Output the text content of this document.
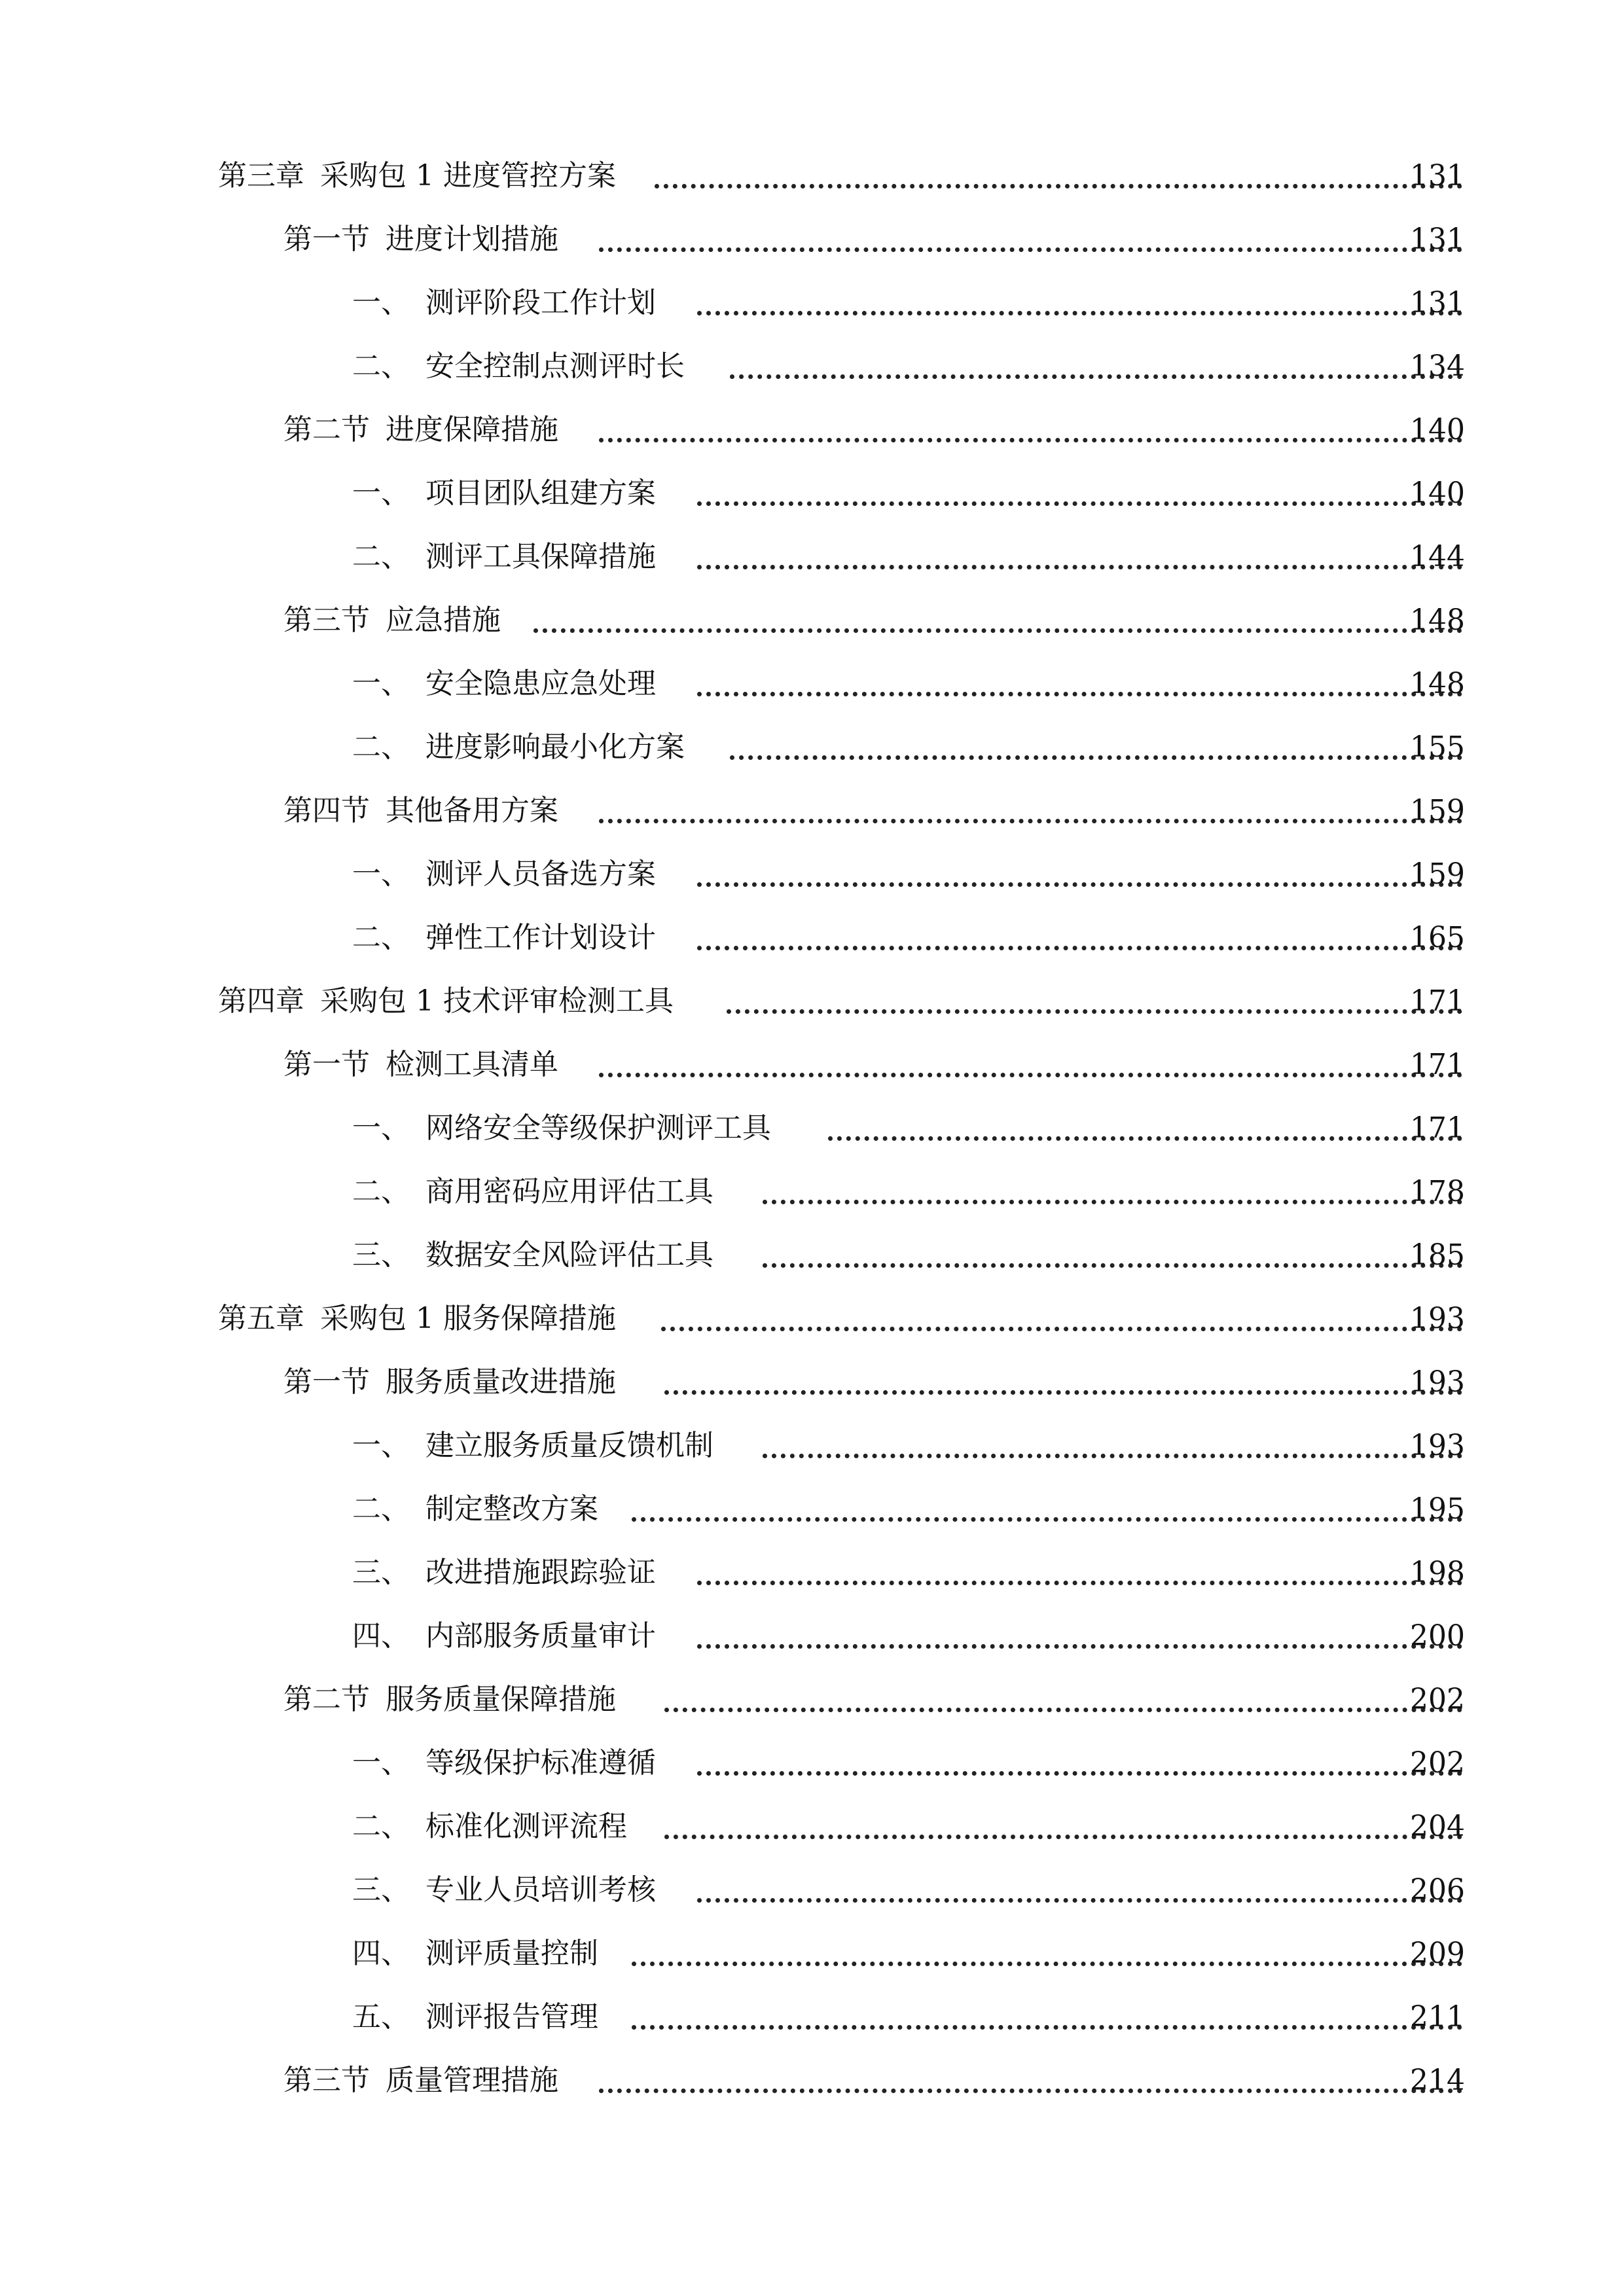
第三章 采购包 1 进度管控方案	131
第一节 进度计划措施	131
一、 测评阶段工作计划	131
二、 安全控制点测评时长	134
第二节 进度保障措施	140
一、 项目团队组建方案	140
二、 测评工具保障措施	144
第三节 应急措施	148
一、 安全隐患应急处理	148
二、 进度影响最小化方案	155
第四节 其他备用方案	159
一、 测评人员备选方案	159
二、 弹性工作计划设计	165
第四章 采购包 1 技术评审检测工具	171
第一节 检测工具清单	171
一、 网络安全等级保护测评工具	171
二、 商用密码应用评估工具	178
三、 数据安全风险评估工具	185
第五章 采购包 1 服务保障措施	193
第一节 服务质量改进措施	193
一、 建立服务质量反馈机制	193
二、 制定整改方案	195
三、 改进措施跟踪验证	198
四、 内部服务质量审计	200
第二节 服务质量保障措施	202
一、 等级保护标准遵循	202
二、 标准化测评流程	204
三、 专业人员培训考核	206
四、 测评质量控制	209
五、 测评报告管理	211
第三节 质量管理措施	214
